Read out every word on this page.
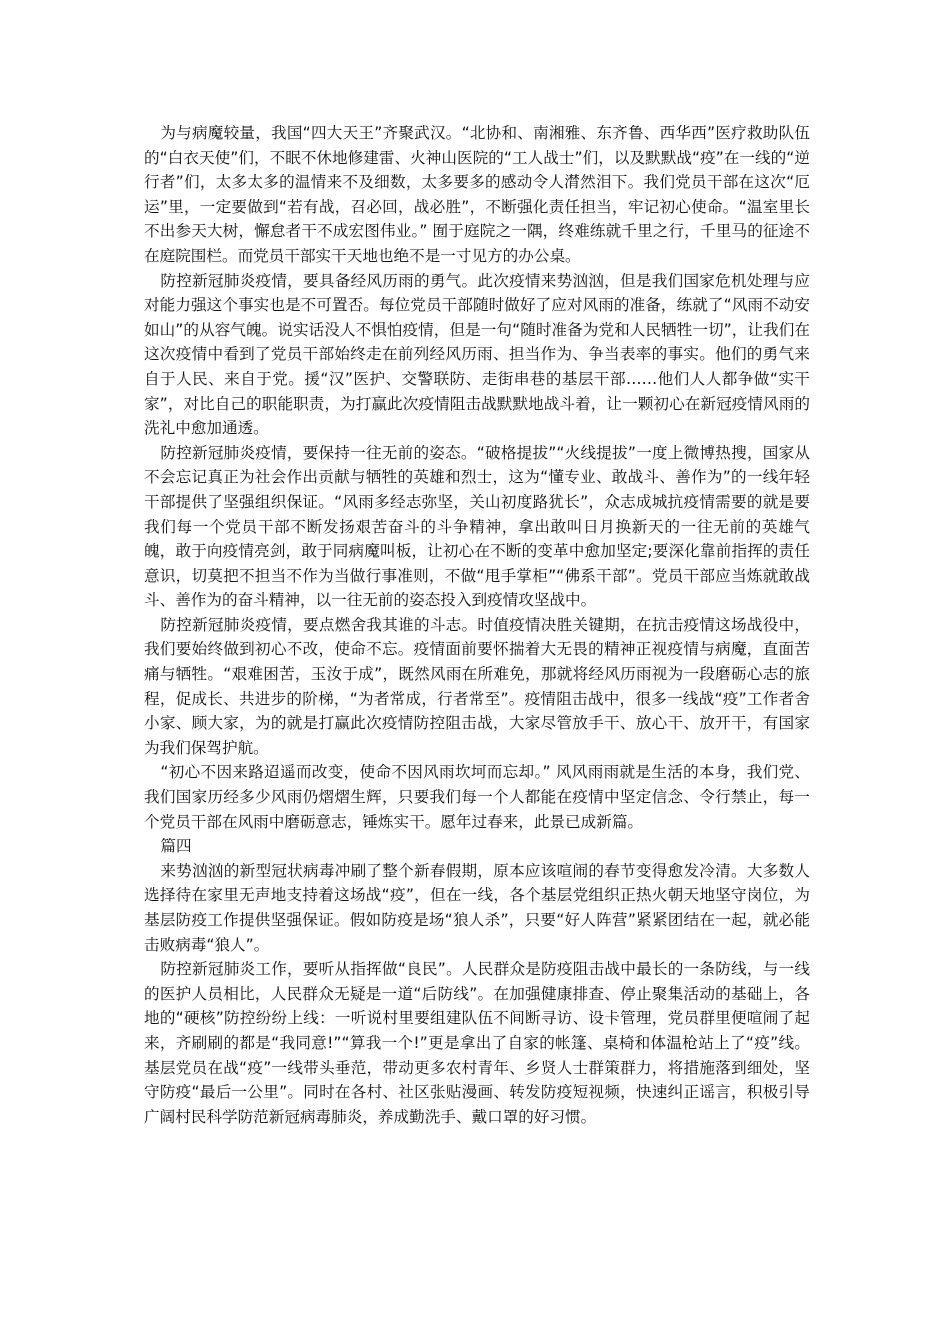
为与病魔较量，我国“四大天王”齐聚武汉。“北协和、南湘雅、东齐鲁、西华西”医疗救助队伍的“白衣天使”们，不眠不休地修建雷、火神山医院的“工人战士”们，以及默默战“疫”在一线的“逆行者”们，太多太多的温情来不及细数，太多要多的感动令人潸然泪下。我们党员干部在这次“厄运”里，一定要做到“若有战，召必回，战必胜”，不断强化责任担当，牢记初心使命。“温室里长不出参天大树，懈怠者干不成宏图伟业。” 囿于庭院之一隅，终难练就千里之行，千里马的征途不在庭院围栏。而党员干部实干天地也绝不是一寸见方的办公桌。

防控新冠肺炎疫情，要具备经风历雨的勇气。此次疫情来势汹汹，但是我们国家危机处理与应对能力强这个事实也是不可置否。每位党员干部随时做好了应对风雨的准备，练就了“风雨不动安如山”的从容气魄。说实话没人不惧怕疫情，但是一句“随时准备为党和人民牺牲一切”，让我们在这次疫情中看到了党员干部始终走在前列经风历雨、担当作为、争当表率的事实。他们的勇气来自于人民、来自于党。援“汉”医护、交警联防、走街串巷的基层干部……他们人人都争做“实干家”，对比自己的职能职责，为打赢此次疫情阻击战默默地战斗着，让一颗初心在新冠疫情风雨的洗礼中愈加通透。

防控新冠肺炎疫情，要保持一往无前的姿态。“破格提拔”“火线提拔”一度上微博热搜，国家从不会忘记真正为社会作出贡献与牺牲的英雄和烈士，这为“懂专业、敢战斗、善作为”的一线年轻干部提供了坚强组织保证。“风雨多经志弥坚，关山初度路犹长”，众志成城抗疫情需要的就是要我们每一个党员干部不断发扬艰苦奋斗的斗争精神，拿出敢叫日月换新天的一往无前的英雄气魄，敢于向疫情亮剑，敢于同病魔叫板，让初心在不断的变革中愈加坚定;要深化靠前指挥的责任意识，切莫把不担当不作为当做行事准则，不做“甩手掌柜”“佛系干部”。党员干部应当炼就敢战斗、善作为的奋斗精神，以一往无前的姿态投入到疫情攻坚战中。

防控新冠肺炎疫情，要点燃舍我其谁的斗志。时值疫情决胜关键期，在抗击疫情这场战役中，我们要始终做到初心不改，使命不忘。疫情面前要怀揣着大无畏的精神正视疫情与病魔，直面苦痛与牺牲。“艰难困苦，玉汝于成”，既然风雨在所难免，那就将经风历雨视为一段磨砺心志的旅程，促成长、共进步的阶梯，“为者常成，行者常至”。疫情阻击战中，很多一线战“疫”工作者舍小家、顾大家，为的就是打赢此次疫情防控阻击战，大家尽管放手干、放心干、放开干，有国家为我们保驾护航。

“初心不因来路迢遥而改变，使命不因风雨坎坷而忘却。” 风风雨雨就是生活的本身，我们党、我们国家历经多少风雨仍熠熠生辉，只要我们每一个人都能在疫情中坚定信念、令行禁止，每一个党员干部在风雨中磨砺意志，锤炼实干。愿年过春来，此景已成新篇。

篇四

来势汹汹的新型冠状病毒冲刷了整个新春假期，原本应该喧闹的春节变得愈发冷清。大多数人选择待在家里无声地支持着这场战“疫”，但在一线，各个基层党组织正热火朝天地坚守岗位，为基层防疫工作提供坚强保证。假如防疫是场“狼人杀”，只要“好人阵营”紧紧团结在一起，就必能击败病毒“狼人”。

防控新冠肺炎工作，要听从指挥做“良民”。人民群众是防疫阻击战中最长的一条防线，与一线的医护人员相比，人民群众无疑是一道“后防线”。在加强健康排查、停止聚集活动的基础上，各地的“硬核”防控纷纷上线：一听说村里要组建队伍不间断寻访、设卡管理，党员群里便喧闹了起来，齐刷刷的都是“我同意!”“算我一个!”更是拿出了自家的帐篷、桌椅和体温枪站上了“疫”线。基层党员在战“疫”一线带头垂范，带动更多农村青年、乡贤人士群策群力，将措施落到细处，坚守防疫“最后一公里”。同时在各村、社区张贴漫画、转发防疫短视频，快速纠正谣言，积极引导广阔村民科学防范新冠病毒肺炎，养成勤洗手、戴口罩的好习惯。
